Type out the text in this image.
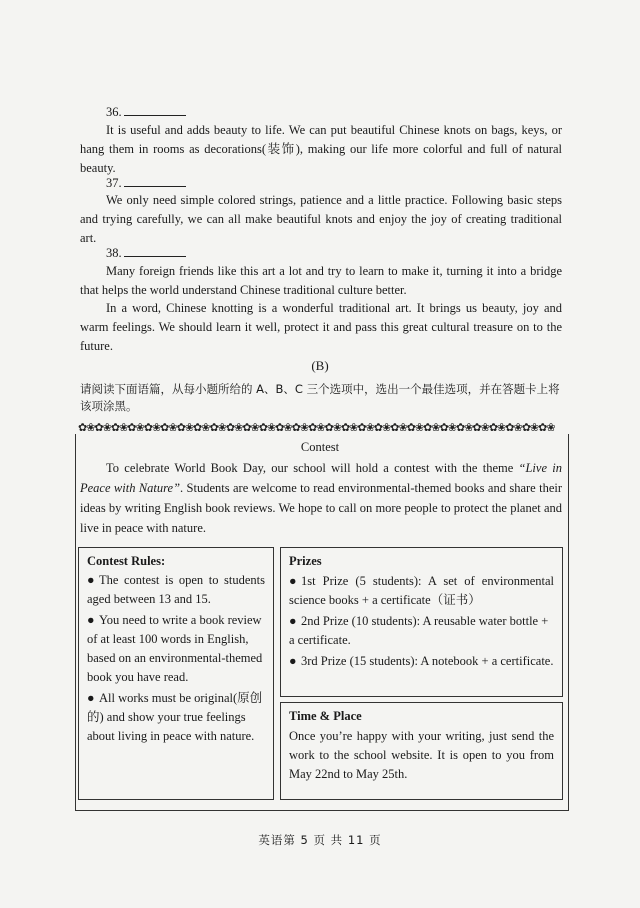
36.
It is useful and adds beauty to life. We can put beautiful Chinese knots on bags, keys, or hang them in rooms as decorations(装饰), making our life more colorful and full of natural beauty.
37.
We only need simple colored strings, patience and a little practice. Following basic steps and trying carefully, we can all make beautiful knots and enjoy the joy of creating traditional art.
38.
Many foreign friends like this art a lot and try to learn to make it, turning it into a bridge that helps the world understand Chinese traditional culture better.
In a word, Chinese knotting is a wonderful traditional art. It brings us beauty, joy and warm feelings. We should learn it well, protect it and pass this great cultural treasure on to the future.
(B)
请阅读下面语篇，从每小题所给的 A、B、C 三个选项中，选出一个最佳选项，并在答题卡上将该项涂黑。
✿❀✿❀✿❀✿❀✿❀✿❀✿❀✿❀✿❀✿❀✿❀✿❀✿❀✿❀✿❀✿❀✿❀✿❀✿❀✿❀✿❀✿❀✿❀✿❀✿❀✿❀✿❀✿❀✿❀
Contest
To celebrate World Book Day, our school will hold a contest with the theme “Live in Peace with Nature”. Students are welcome to read environmental-themed books and share their ideas by writing English book reviews. We hope to call on more people to protect the planet and live in peace with nature.
Contest Rules:
● The contest is open to students aged between 13 and 15.
● You need to write a book review of at least 100 words in English, based on an environmental-themed book you have read.
● All works must be original(原创的) and show your true feelings about living in peace with nature.
Prizes
● 1st Prize (5 students): A set of environmental science books + a certificate（证书）
● 2nd Prize (10 students): A reusable water bottle + a certificate.
● 3rd Prize (15 students): A notebook + a certificate.
Time & Place
Once you’re happy with your writing, just send the work to the school website. It is open to you from May 22nd to May 25th.
英语第 5 页 共 11 页
